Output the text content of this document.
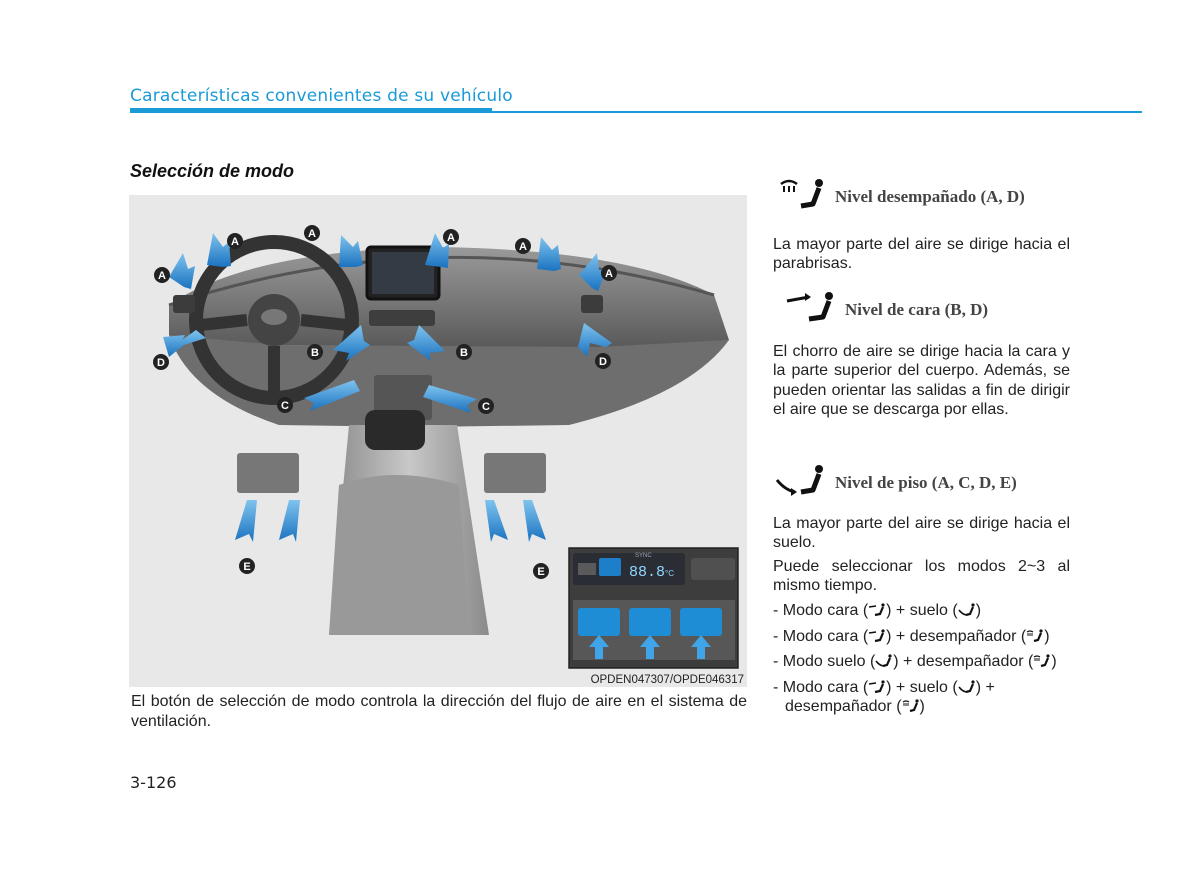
Características convenientes de su vehículo
Selección de modo
A
A
A	A
A
A
B	B
C	C
D	D
E	E
SYNC
88.8 °C
OPDEN047307/OPDE046317
El botón de selección de modo controla la dirección del flujo de aire en el sistema de ventilación.
Nivel desempañado (A, D)
La mayor parte del aire se dirige hacia el parabrisas.
Nivel de cara (B, D)
El chorro de aire se dirige hacia la cara y la parte superior del cuerpo. Además, se pueden orientar las salidas a fin de dirigir el aire que se descarga por ellas.
Nivel de piso (A, C, D, E)
La mayor parte del aire se dirige hacia el suelo.
Puede seleccionar los modos 2~3 al mismo tiempo.
- Modo cara ( ) + suelo ( )
- Modo cara ( ) + desempañador ( )
- Modo suelo ( ) + desempañador ( )
- Modo cara ( ) + suelo ( ) + desempañador ( )
3-126
